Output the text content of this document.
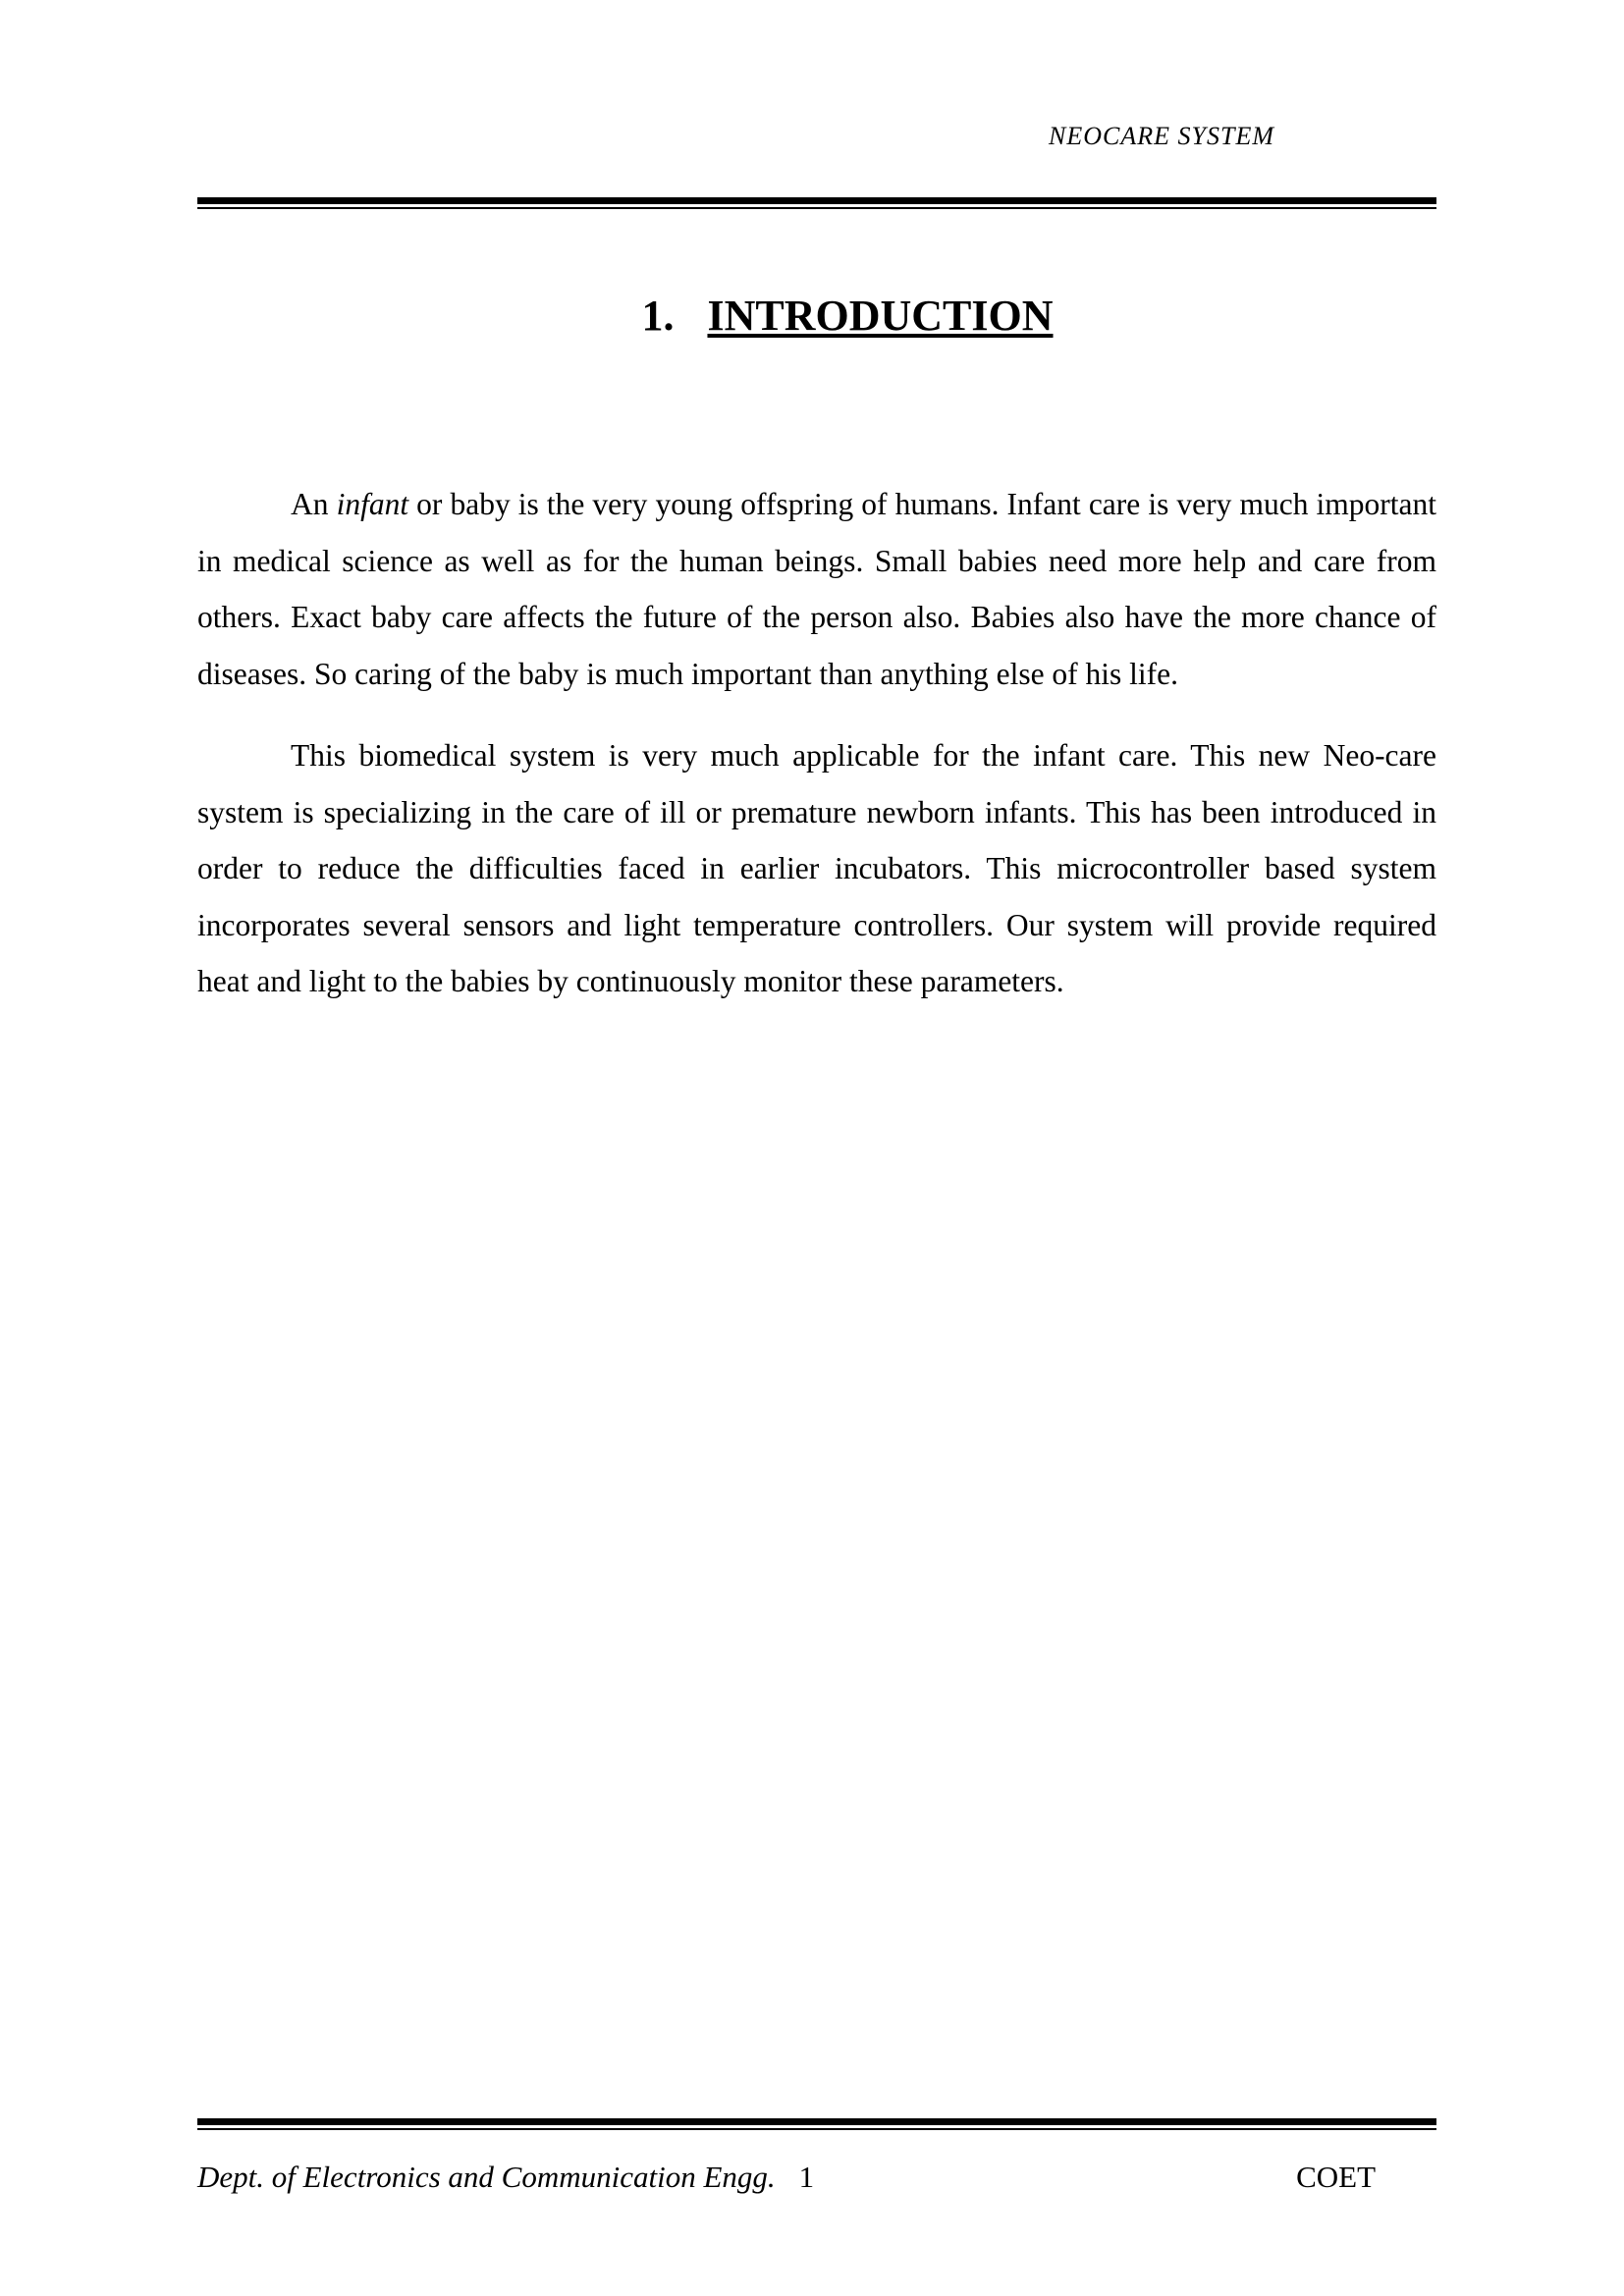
NEOCARE SYSTEM
1. INTRODUCTION

An infant or baby is the very young offspring of humans. Infant care is very much important in medical science as well as for the human beings. Small babies need more help and care from others. Exact baby care affects the future of the person also. Babies also have the more chance of diseases. So caring of the baby is much important than anything else of his life.

This biomedical system is very much applicable for the infant care. This new Neo-care system is specializing in the care of ill or premature newborn infants. This has been introduced in order to reduce the difficulties faced in earlier incubators. This microcontroller based system incorporates several sensors and light temperature controllers. Our system will provide required heat and light to the babies by continuously monitor these parameters.

Dept. of Electronics and Communication Engg. 1	COET
